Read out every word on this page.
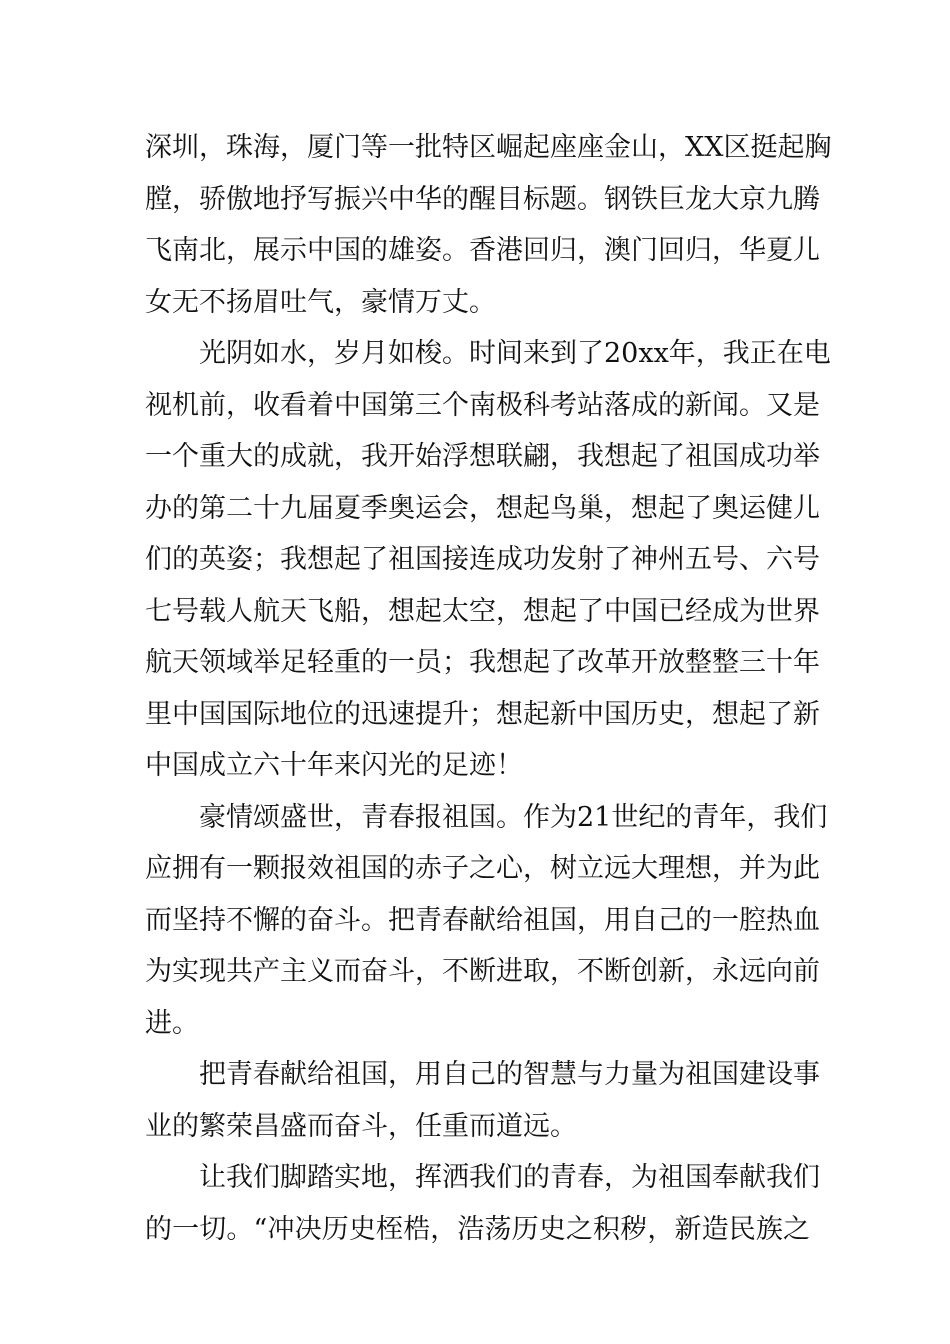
深圳，珠海，厦门等一批特区崛起座座金山，XX区挺起胸
膛，骄傲地抒写振兴中华的醒目标题。钢铁巨龙大京九腾
飞南北，展示中国的雄姿。香港回归，澳门回归，华夏儿
女无不扬眉吐气，豪情万丈。

　　光阴如水，岁月如梭。时间来到了20xx年，我正在电
视机前，收看着中国第三个南极科考站落成的新闻。又是
一个重大的成就，我开始浮想联翩，我想起了祖国成功举
办的第二十九届夏季奥运会，想起鸟巢，想起了奥运健儿
们的英姿；我想起了祖国接连成功发射了神州五号、六号
七号载人航天飞船，想起太空，想起了中国已经成为世界
航天领域举足轻重的一员；我想起了改革开放整整三十年
里中国国际地位的迅速提升；想起新中国历史，想起了新
中国成立六十年来闪光的足迹！

　　豪情颂盛世，青春报祖国。作为21世纪的青年，我们
应拥有一颗报效祖国的赤子之心，树立远大理想，并为此
而坚持不懈的奋斗。把青春献给祖国，用自己的一腔热血
为实现共产主义而奋斗，不断进取，不断创新，永远向前
进。

　　把青春献给祖国，用自己的智慧与力量为祖国建设事
业的繁荣昌盛而奋斗，任重而道远。

　　让我们脚踏实地，挥洒我们的青春，为祖国奉献我们
的一切。“冲决历史桎梏，浩荡历史之积秽，新造民族之
